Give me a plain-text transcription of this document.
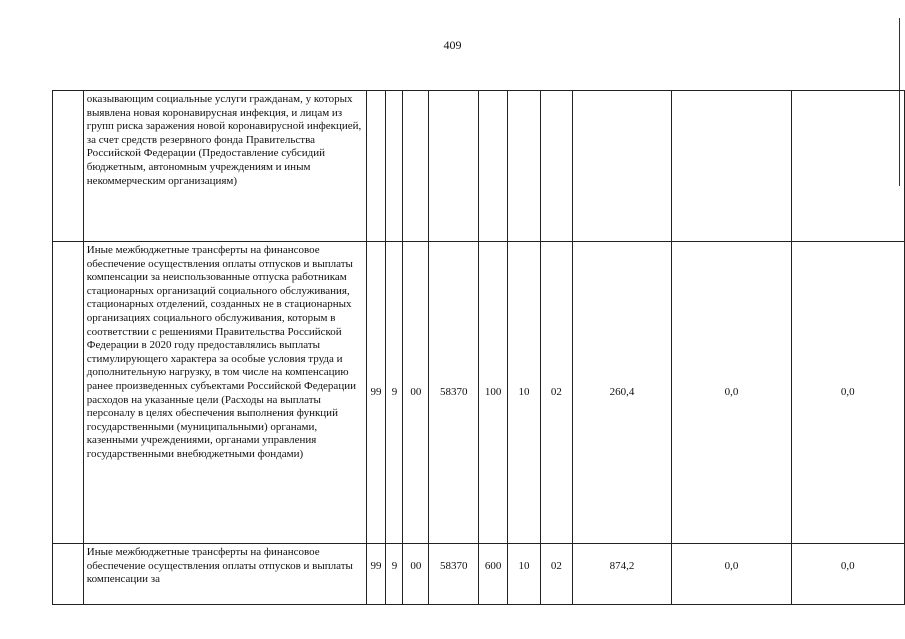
409
	оказывающим социальные услуги гражданам, у которых выявлена новая коронавирусная инфекция, и лицам из групп риска заражения новой коронавирусной инфекцией, за счет средств резервного фонда Правительства Российской Федерации (Предоставление субсидий бюджетным, автономным учреждениям и иным некоммерческим организациям)										
	Иные межбюджетные трансферты на финансовое обеспечение осуществления оплаты отпусков и выплаты компенсации за неиспользованные отпуска работникам стационарных организаций социального обслуживания, стационарных отделений, созданных не в стационарных организациях социального обслуживания, которым в соответствии с решениями Правительства Российской Федерации в 2020 году предоставлялись выплаты стимулирующего характера за особые условия труда и дополнительную нагрузку, в том числе на компенсацию ранее произведенных субъектами Российской Федерации расходов на указанные цели (Расходы на выплаты персоналу в целях обеспечения выполнения функций государственными (муниципальными) органами, казенными учреждениями, органами управления государственными внебюджетными фондами)	99	9	00	58370	100	10	02	260,4	0,0	0,0
	Иные межбюджетные трансферты на финансовое обеспечение осуществления оплаты отпусков и выплаты компенсации за	99	9	00	58370	600	10	02	874,2	0,0	0,0
